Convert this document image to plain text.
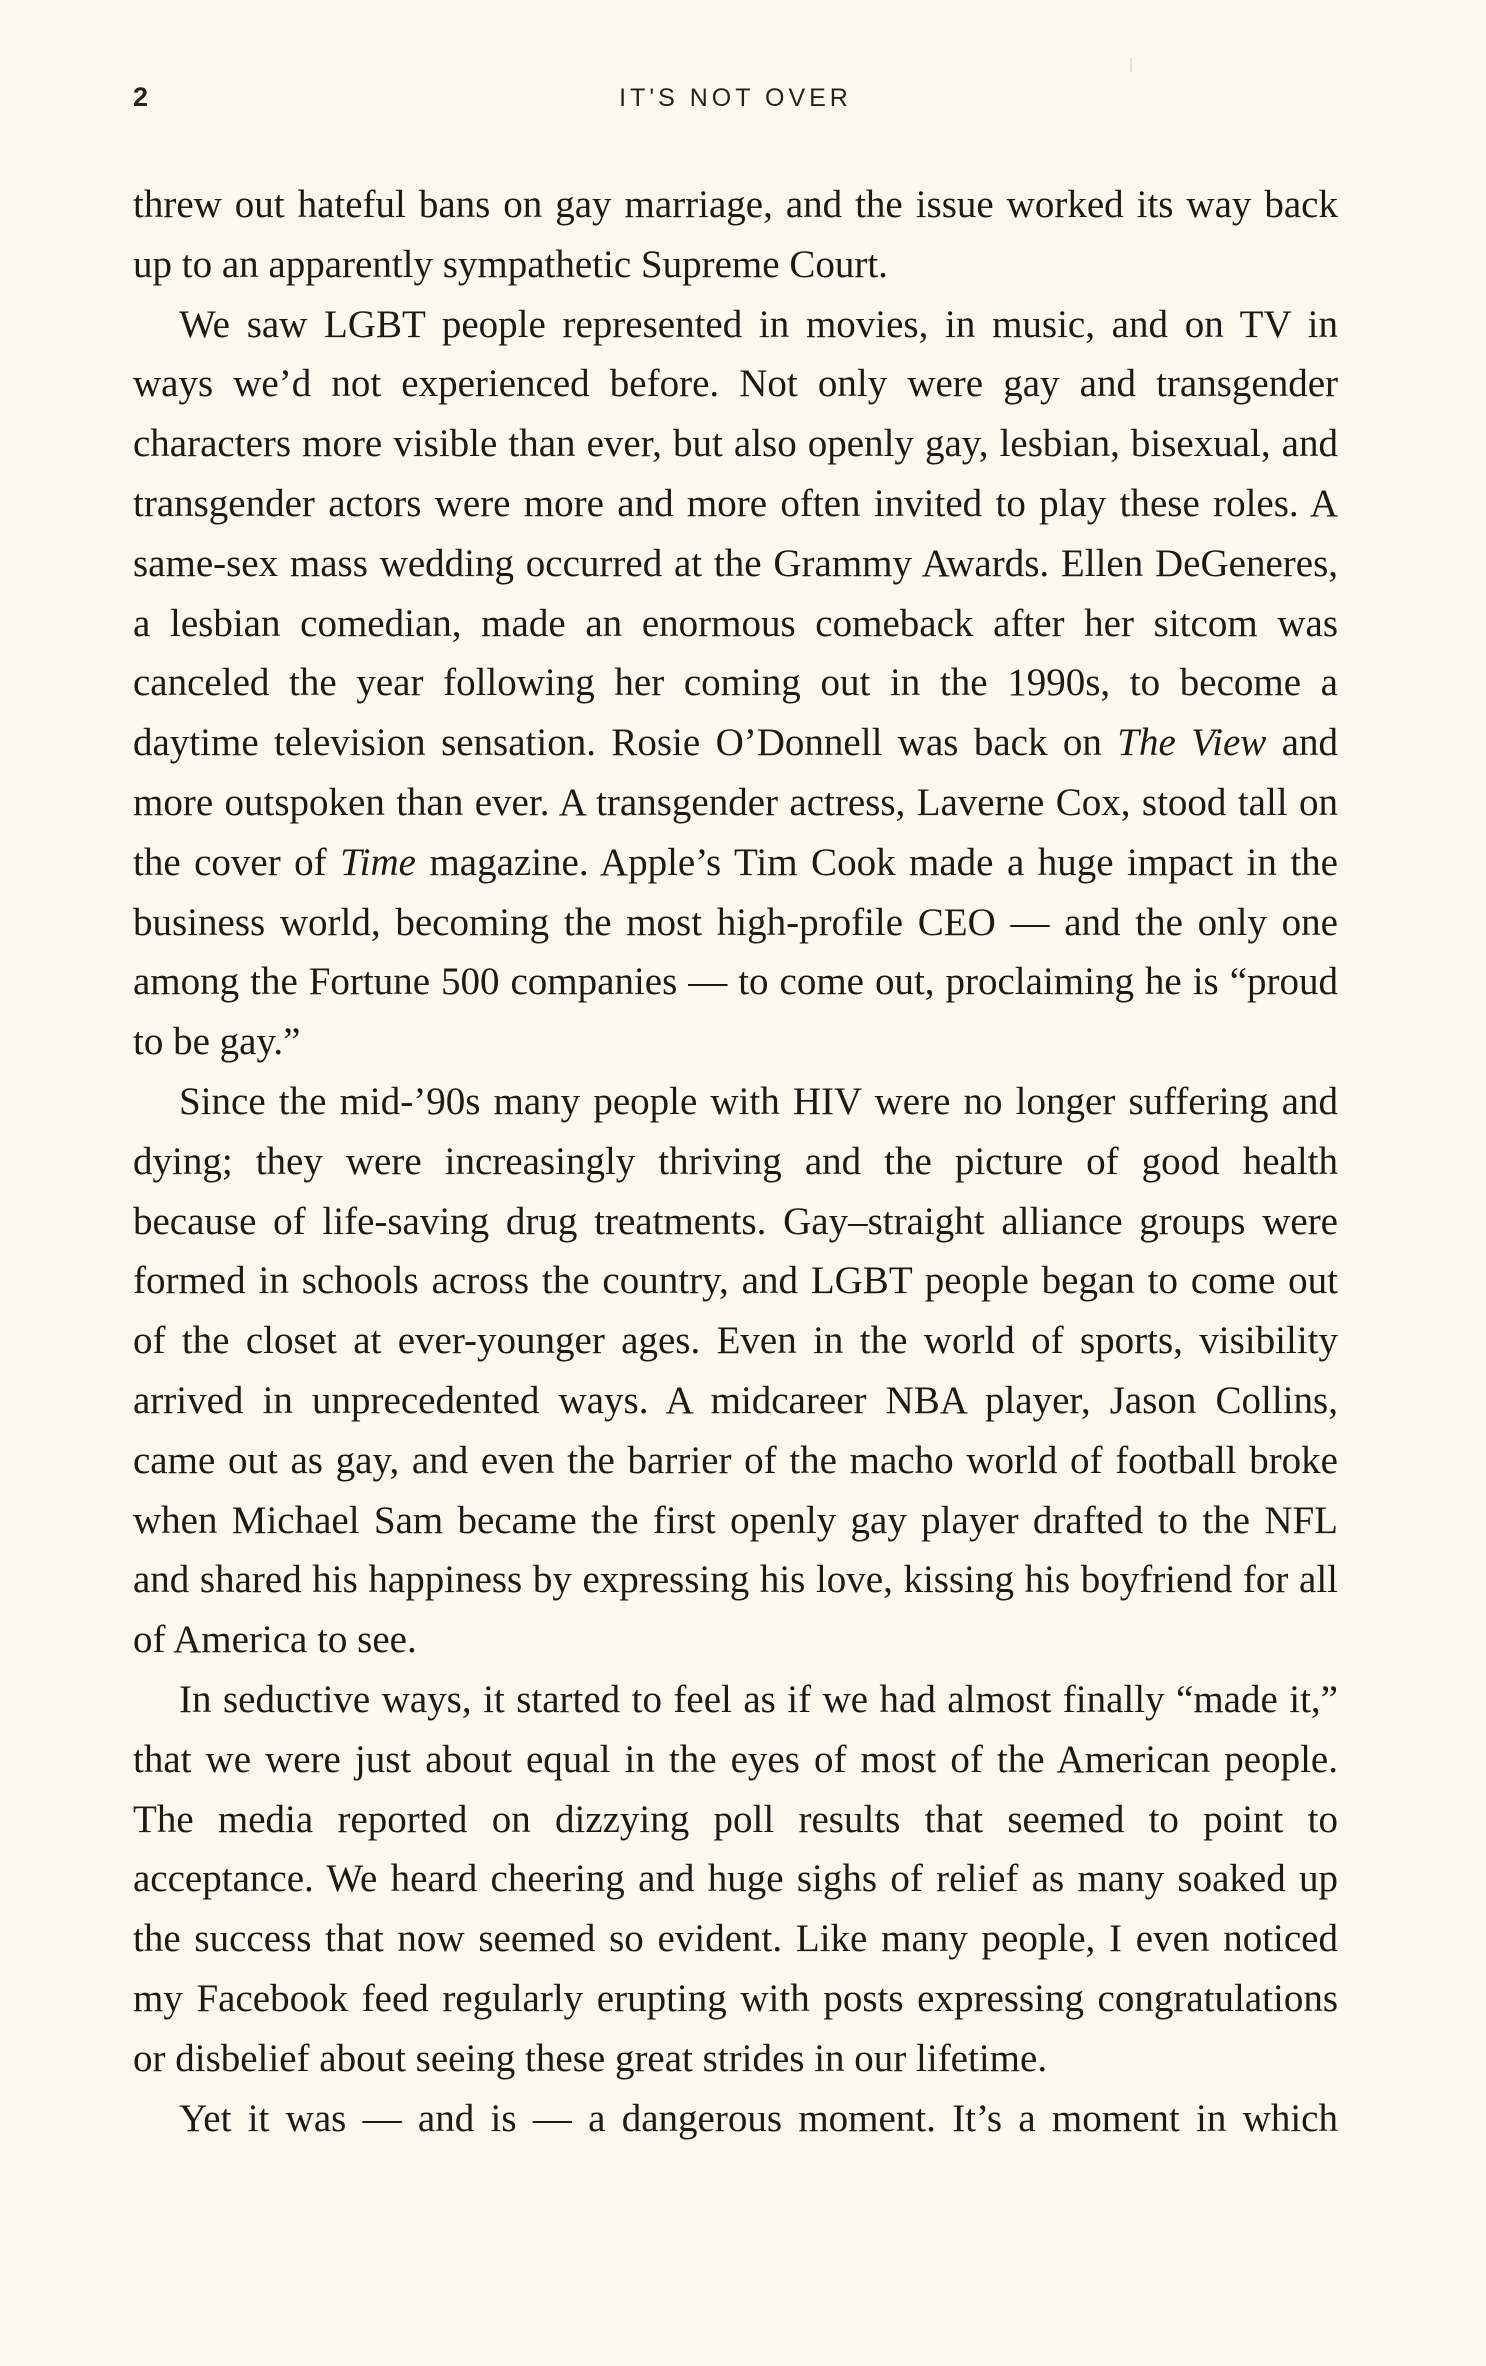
2	IT'S NOT OVER

threw out hateful bans on gay marriage, and the issue worked its way back up to an apparently sympathetic Supreme Court.

We saw LGBT people represented in movies, in music, and on TV in ways we’d not experienced before. Not only were gay and transgender characters more visible than ever, but also openly gay, lesbian, bisexual, and transgender actors were more and more often invited to play these roles. A same-sex mass wedding occurred at the Grammy Awards. Ellen DeGeneres, a lesbian comedian, made an enormous comeback after her sitcom was canceled the year following her coming out in the 1990s, to become a daytime television sensation. Rosie O’Donnell was back on The View and more outspoken than ever. A transgender actress, Laverne Cox, stood tall on the cover of Time magazine. Apple’s Tim Cook made a huge impact in the business world, becoming the most high-profile CEO — and the only one among the Fortune 500 companies — to come out, proclaiming he is “proud to be gay.”

Since the mid-’90s many people with HIV were no longer suffering and dying; they were increasingly thriving and the picture of good health because of life-saving drug treatments. Gay–straight alliance groups were formed in schools across the country, and LGBT people began to come out of the closet at ever-younger ages. Even in the world of sports, visibility arrived in unprecedented ways. A midcareer NBA player, Jason Collins, came out as gay, and even the barrier of the macho world of football broke when Michael Sam became the first openly gay player drafted to the NFL and shared his happiness by expressing his love, kissing his boyfriend for all of America to see.

In seductive ways, it started to feel as if we had almost finally “made it,” that we were just about equal in the eyes of most of the American people. The media reported on dizzying poll results that seemed to point to acceptance. We heard cheering and huge sighs of relief as many soaked up the success that now seemed so evident. Like many people, I even noticed my Facebook feed regularly erupting with posts expressing congratulations or disbelief about seeing these great strides in our lifetime.

Yet it was — and is — a dangerous moment. It’s a moment in which
